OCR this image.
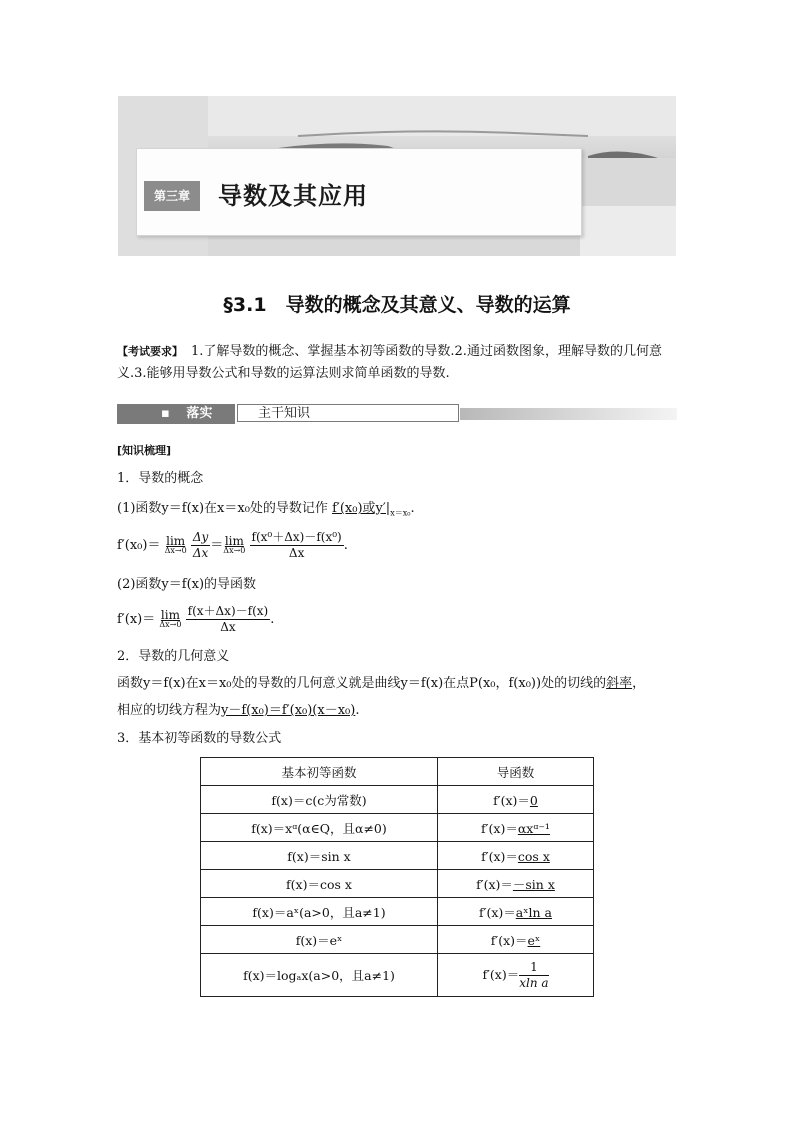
第三章	导数及其应用
§3.1　导数的概念及其意义、导数的运算
【考试要求】 1.了解导数的概念、掌握基本初等函数的导数.2.通过函数图象，理解导数的几何意义.3.能够用导数公式和导数的运算法则求简单函数的导数.
▪ 落实	主干知识
[知识梳理]
1．导数的概念
(1)函数y＝f(x)在x＝x₀处的导数记作 f′(x₀)或$y'|_{x=x_0}$.
f′(x₀)＝ lim
Δx→0
$\frac{\Delta y}{\Delta x} = \lim$
Δx→0
$\frac{\text{f(x⁰＋Δx)－f(x⁰)}}{\Delta x}$ .
(2)函数y＝f(x)的导函数
f′(x)＝ lim
Δx→0
$\frac{f(x+\Delta x)-f(x)}{\Delta x}$ .
2．导数的几何意义
函数y＝f(x)在x＝x₀处的导数的几何意义就是曲线y＝f(x)在点P(x₀，f(x₀))处的切线的斜率，
相应的切线方程为y－f(x₀)＝f′(x₀)(x－x₀).
3．基本初等函数的导数公式
基本初等函数	导函数
f(x)＝c(c为常数)	f′(x)＝0
f(x)＝xᵅ(α∈Q，且α≠0)	f′(x)＝αxᵅ⁻¹
f(x)＝sin x	f′(x)＝cos x
f(x)＝cos x	f′(x)＝－sin x
f(x)＝aˣ(a>0，且a≠1)	f′(x)＝aˣln a
f(x)＝eˣ	f′(x)＝eˣ
f(x)＝logₐx(a>0，且a≠1)	$f'(x)= \frac{1}{\text{xln a}}$
